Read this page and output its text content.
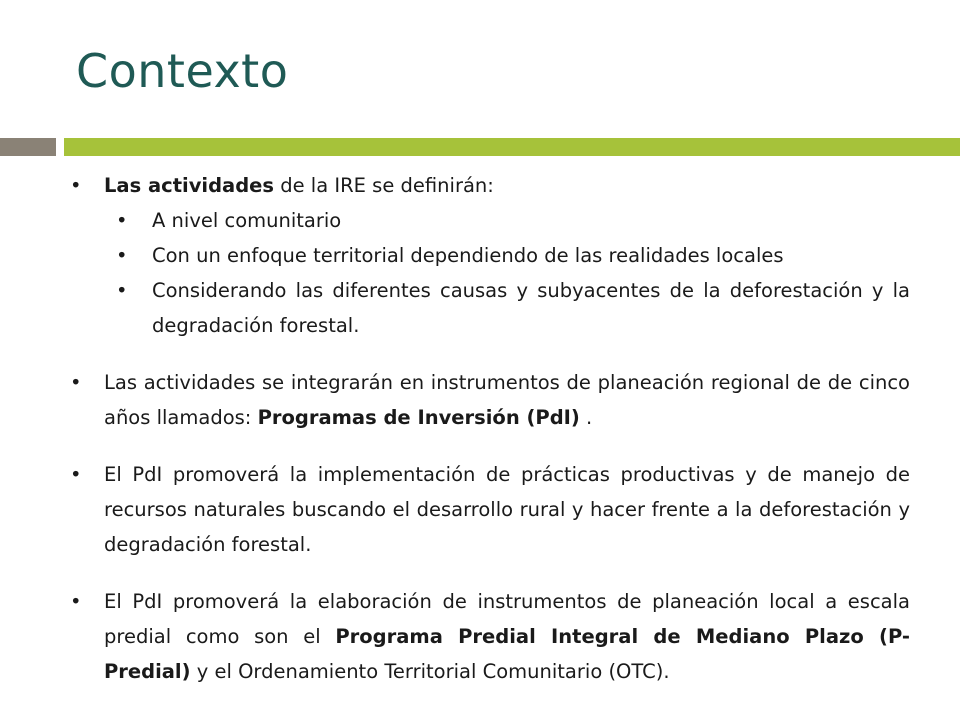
Contexto
•	Las actividades de la IRE se definirán:
•	A nivel comunitario
•	Con un enfoque territorial dependiendo de las realidades locales
•	Considerando las diferentes causas y subyacentes de la deforestación y la degradación forestal.
•	Las actividades se integrarán en instrumentos de planeación regional de de cinco años llamados: Programas de Inversión (PdI) .
•	El PdI promoverá la implementación de prácticas productivas y de manejo de recursos naturales buscando el desarrollo rural y hacer frente a la deforestación y degradación forestal.
•	El PdI promoverá la elaboración de instrumentos de planeación local a escala predial como son el Programa Predial Integral de Mediano Plazo (P-Predial) y el Ordenamiento Territorial Comunitario (OTC).
